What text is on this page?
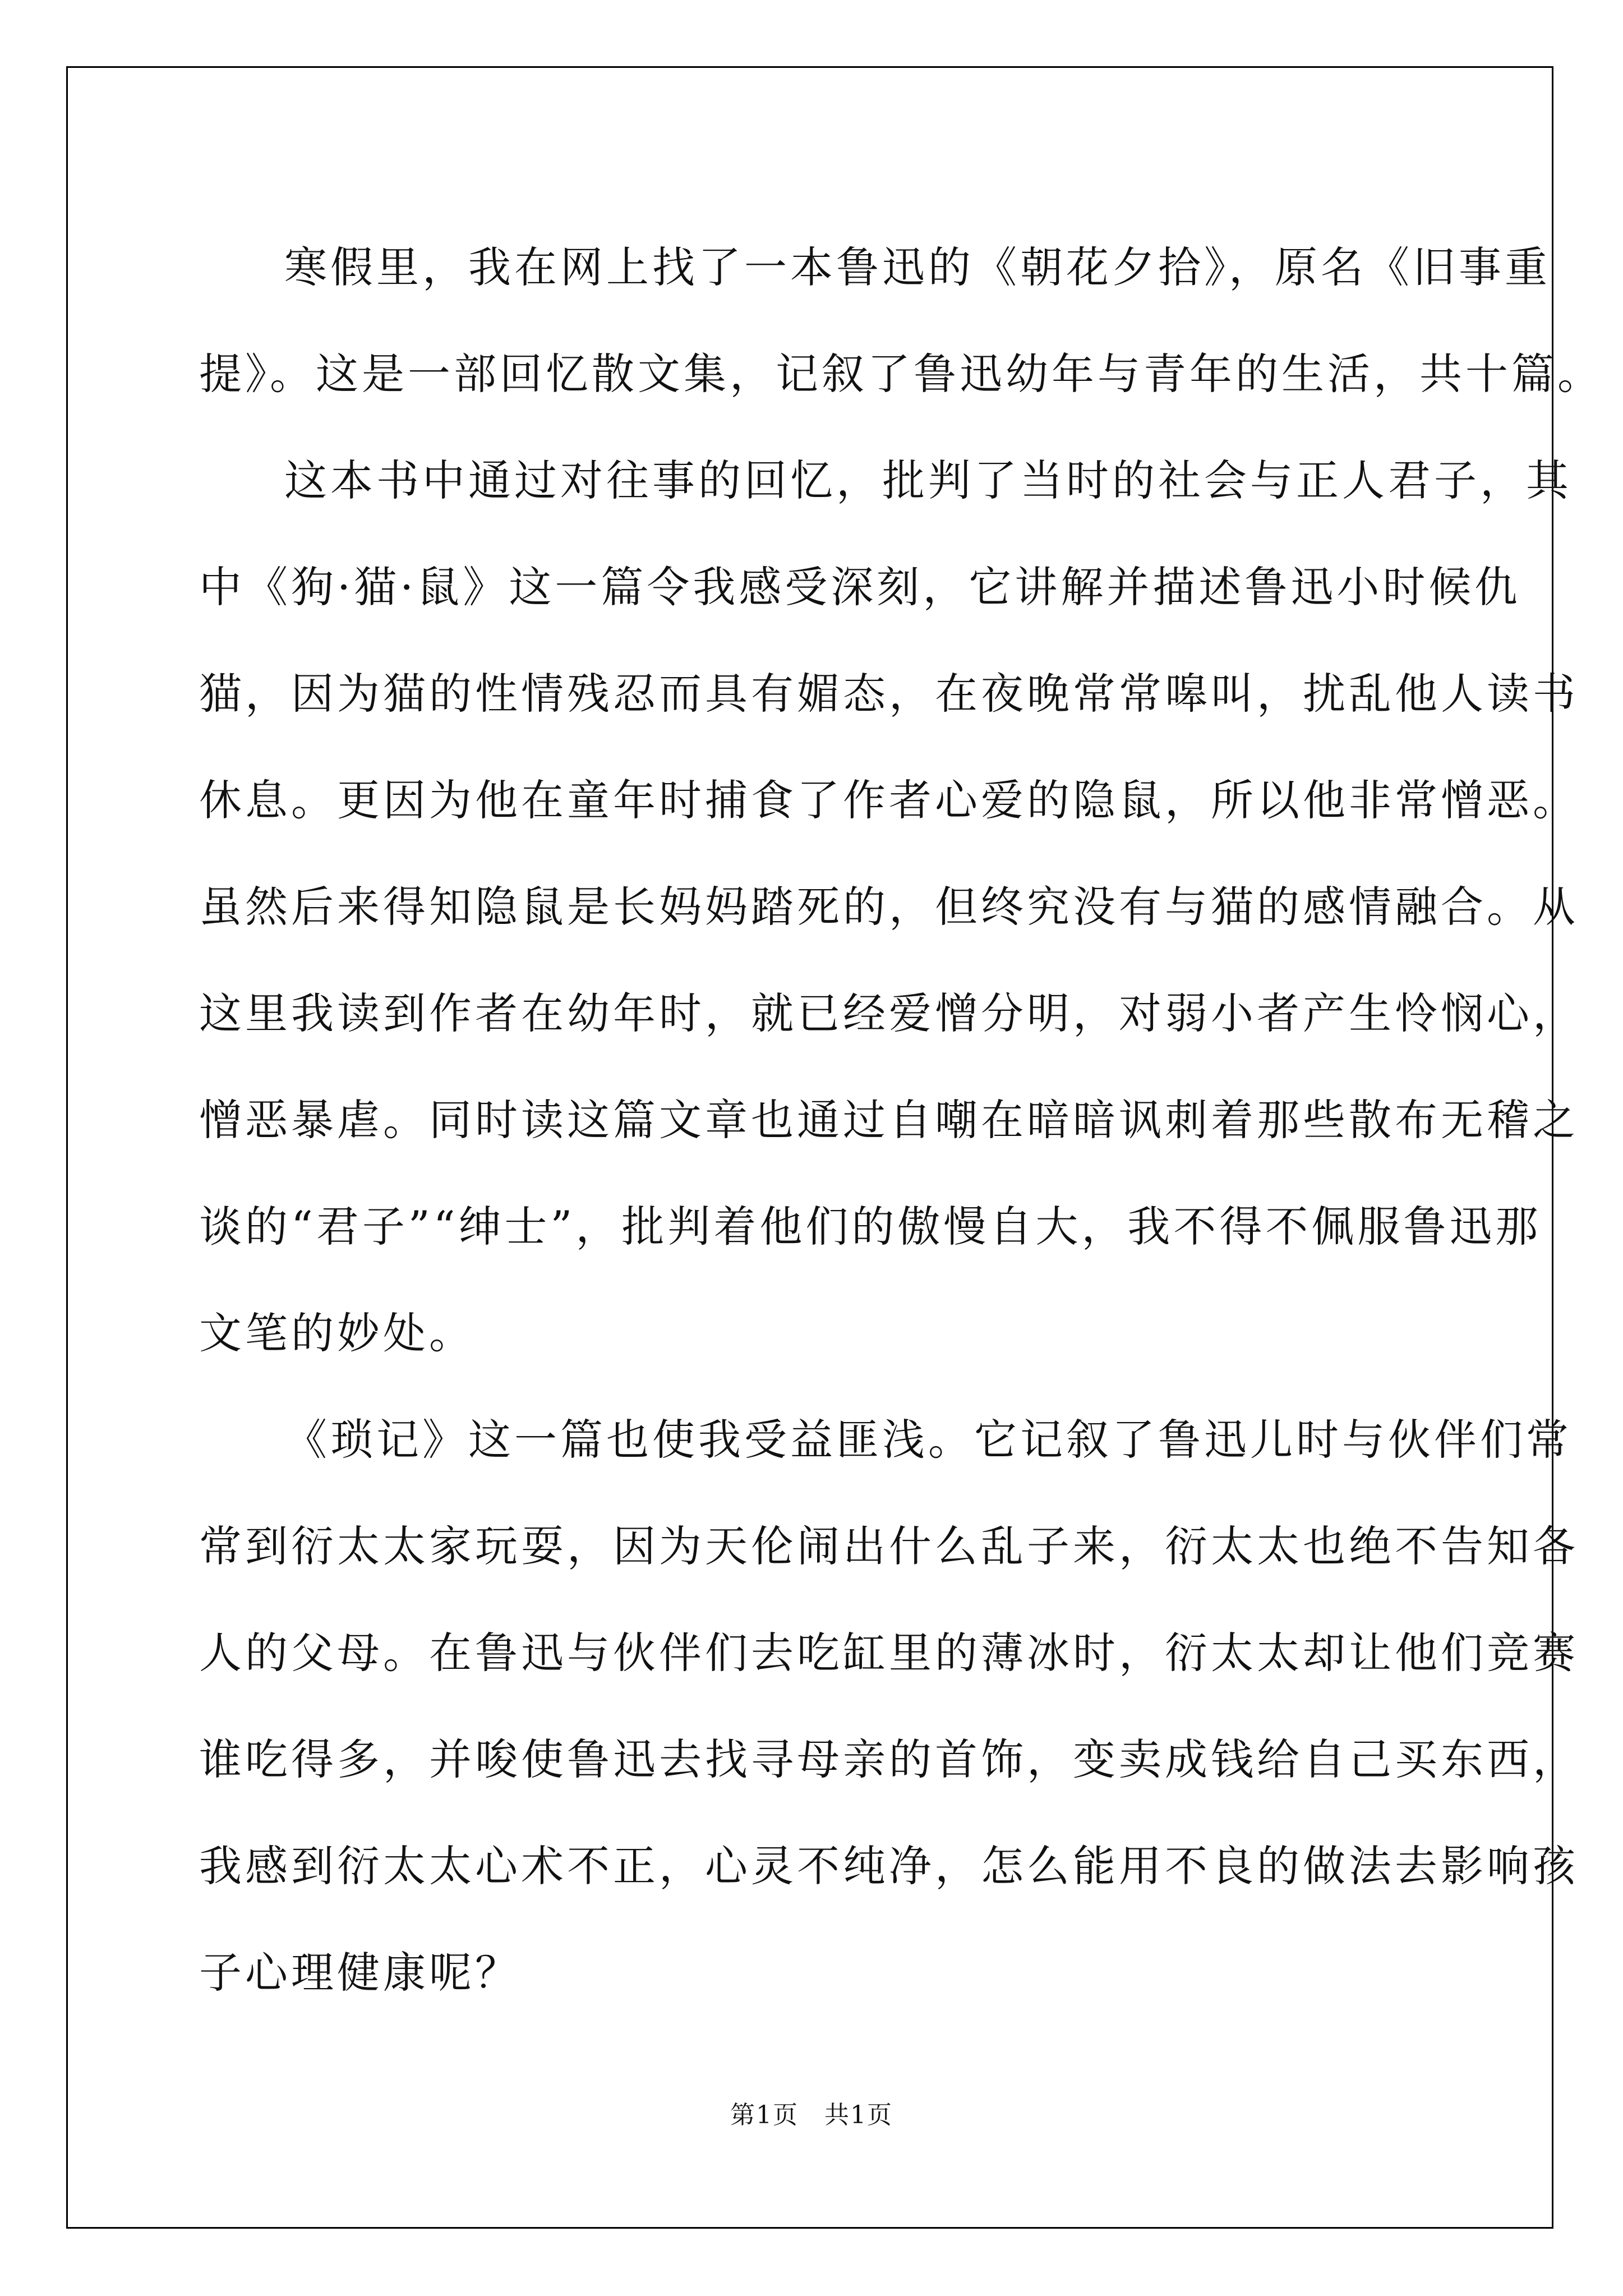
寒假里，我在网上找了一本鲁迅的《朝花夕拾》，原名《旧事重
提》。这是一部回忆散文集，记叙了鲁迅幼年与青年的生活，共十篇。
这本书中通过对往事的回忆，批判了当时的社会与正人君子，其
中《狗·猫·鼠》这一篇令我感受深刻，它讲解并描述鲁迅小时候仇
猫，因为猫的性情残忍而具有媚态，在夜晚常常嗥叫，扰乱他人读书
休息。更因为他在童年时捕食了作者心爱的隐鼠，所以他非常憎恶。
虽然后来得知隐鼠是长妈妈踏死的，但终究没有与猫的感情融合。从
这里我读到作者在幼年时，就已经爱憎分明，对弱小者产生怜悯心，
憎恶暴虐。同时读这篇文章也通过自嘲在暗暗讽刺着那些散布无稽之
谈的“君子”“绅士”，批判着他们的傲慢自大，我不得不佩服鲁迅那
文笔的妙处。
《琐记》这一篇也使我受益匪浅。它记叙了鲁迅儿时与伙伴们常
常到衍太太家玩耍，因为天伦闹出什么乱子来，衍太太也绝不告知各
人的父母。在鲁迅与伙伴们去吃缸里的薄冰时，衍太太却让他们竞赛
谁吃得多，并唆使鲁迅去找寻母亲的首饰，变卖成钱给自己买东西，
我感到衍太太心术不正，心灵不纯净，怎么能用不良的做法去影响孩
子心理健康呢？
第1页　共1页
